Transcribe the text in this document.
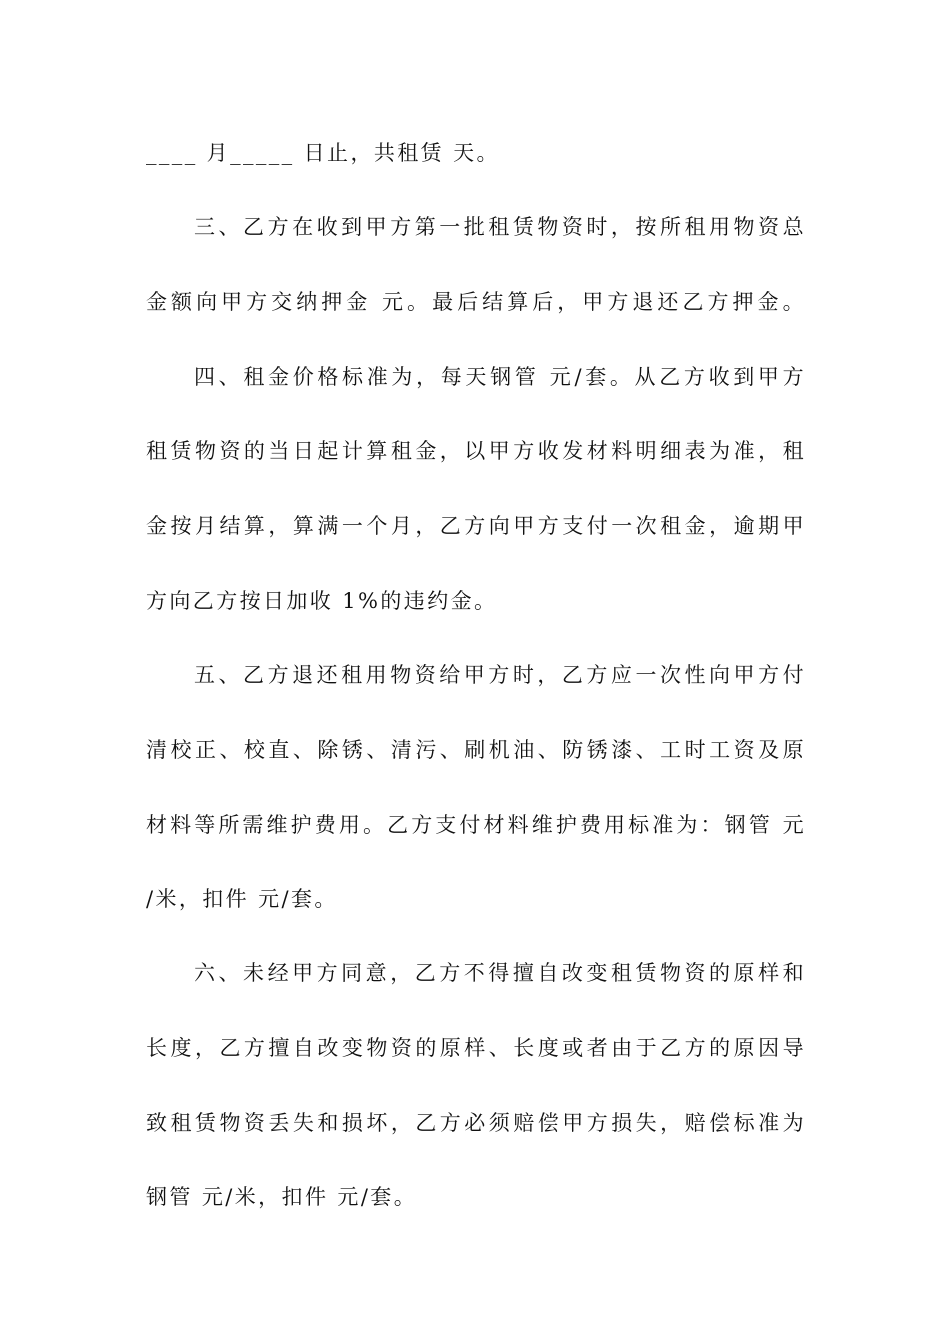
____ 月_____ 日止，共租赁 天。
三、乙方在收到甲方第一批租赁物资时，按所租用物资总
金额向甲方交纳押金 元。最后结算后，甲方退还乙方押金。
四、租金价格标准为，每天钢管 元/套。从乙方收到甲方
租赁物资的当日起计算租金，以甲方收发材料明细表为准，租
金按月结算，算满一个月，乙方向甲方支付一次租金，逾期甲
方向乙方按日加收 1%的违约金。
五、乙方退还租用物资给甲方时，乙方应一次性向甲方付
清校正、校直、除锈、清污、刷机油、防锈漆、工时工资及原
材料等所需维护费用。乙方支付材料维护费用标准为：钢管 元
/米，扣件 元/套。
六、未经甲方同意，乙方不得擅自改变租赁物资的原样和
长度，乙方擅自改变物资的原样、长度或者由于乙方的原因导
致租赁物资丢失和损坏，乙方必须赔偿甲方损失，赔偿标准为
钢管 元/米，扣件 元/套。
